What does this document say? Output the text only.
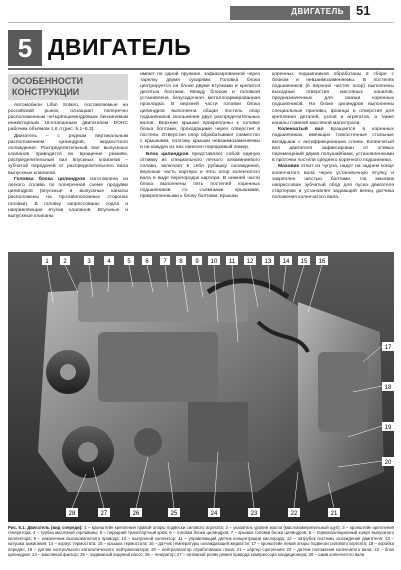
ДВИГАТЕЛЬ 51
5 ДВИГАТЕЛЬ
ОСОБЕННОСТИ
КОНСТРУКЦИИ

Автомобили Lifan Solano, поставляемые на российский рынок, оснащают поперечно расположенным четырёхцилиндровым бензиновым инжекторным 16-клапанным двигателем DOHC рабочим объёмом 1,6 л (рис. 5.1–5.3).

Двигатель – с рядным вертикальным расположением цилиндров, жидкостного охлаждения. Распределительный вал выпускных клапанов приводится во вращение ремнём, распределительный вал впускных клапанов – зубчатой передачей от распределительного вала выпускных клапанов.

Головка блока цилиндров изготовлена из легкого сплава по поперечной схеме продувки цилиндров (впускные и выпускные каналы расположены на противоположных сторонах головки). В головку запрессованы седла и направляющие втулки клапанов. Впускные и выпускные клапаны

имеют по одной пружине, зафиксированной через тарелку двумя сухарями. Головка блока центрируется на блоке двумя втулками и крепится десятью болтами. Между блоком и головкой установлена безусадочная металлоармированная прокладка. В верхней части головки блока цилиндров выполнена общая постель опор подшипников скольжения двух распределительных валов. Верхние крышки прикреплены к головке блока болтами, проходящими через отверстия в постели. Отверстия опор обрабатывают совместно с крышками, поэтому крышки невзаимозаменяемы и на каждую из них нанесен порядковый номер.

Блок цилиндров представляет собой единую отливку из специального легкого алюминиевого сплава, включает в себя рубашку охлаждения, верхнюю часть картера и пять опор коленчатого вала в виде перегородок картера. В нижней части блока выполнены пять постелей коренных подшипников со съемными крышками, прикрепленными к блоку болтами. Крышки

коренных подшипников обработаны в сборе с блоком и невзаимозаменяемы. В постелях подшипников (в верхних частях опор) выполнены выходные отверстия масляных каналов, предназначенных для смазки коренных подшипников. На блоке цилиндров выполнены специальные приливы, фланцы и отверстия для крепления деталей, узлов и агрегатов, а также каналы главной масляной магистрали.

Коленчатый вал вращается в коренных подшипниках, имеющих тонкостенные стальные вкладыши с антифрикционным слоем. Коленчатый вал двигателя зафиксирован от осевых перемещений двумя полушайбами, установленными в проточки постели среднего коренного подшипника.

Маховик отлит из чугуна, надет на заднем конце коленчатого вала через установочную втулку и закреплен шестью болтами. На маховик напрессован зубчатый обод для пуска двигателя стартером и установлен задающий венец датчика положения коленчатого вала.

1 2	3	4	5 6 7 8 9 10 11 12 13 14 15 16
17
18
19
20
28	27	26	25	24	23	22	21
Рис. 5.1. Двигатель (вид спереди): 1 – кронштейн крепления правой опоры подвески силового агрегата; 2 – указатель уровня масла (маслоизмерительный щуп); 3 – кронштейн крепления генератора; 4 – трубка масляной горловины; 5 – передний транспортный крюк; 6 – головка блока цилиндров; 7 – крышка головки блока цилиндров; 8 – термоизоляционный кожух выпускного коллектора; 9 – наконечник высоковольтного провода; 10 – выпускной коллектор; 11 – управляющий датчик концентрации кислорода; 12 – патрубок системы охлаждения двигателя; 13 – катушка зажигания; 14 – корпус термостата; 15 – крышка термостата; 16 – датчик температуры охлаждающей жидкости; 17 – кронштейн левой опоры подвески силового агрегата; 18 – коробка передач; 19 – датчик контрольного каталитического нейтрализатора; 20 – нейтрализатор отработавших газов; 21 – картер сцепления; 22 – датчик положения коленчатого вала; 23 – блок цилиндров; 24 – масляный фильтр; 25 – подвижный водяной насос; 26 – генератор; 27 – натяжной ролик ремня привода компрессора кондиционера; 28 – шкив коленчатого вала
